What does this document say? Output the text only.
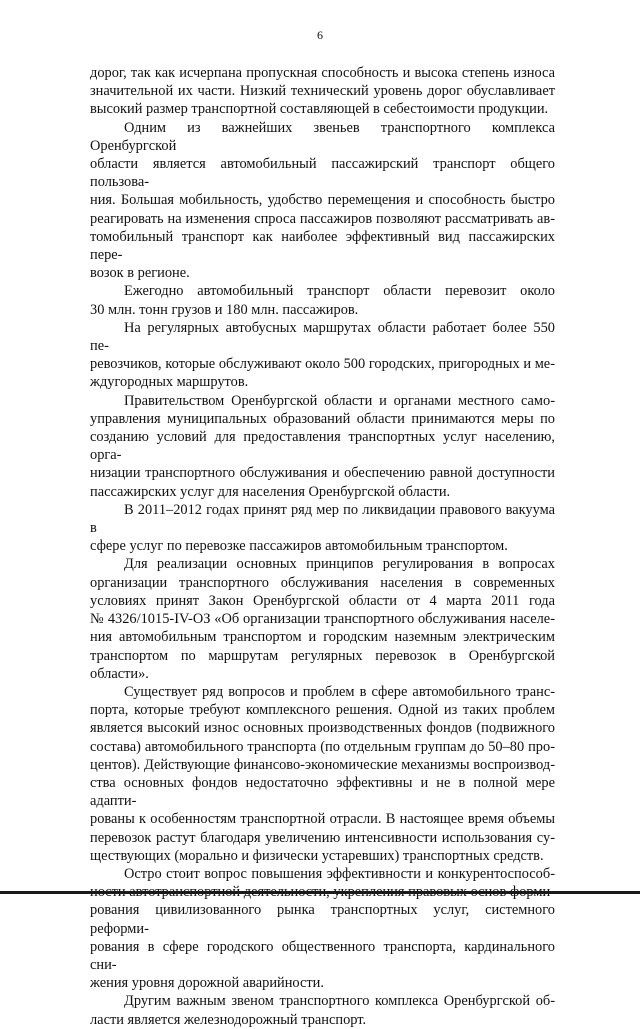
6

дорог, так как исчерпана пропускная способность и высока степень износа
значительной их части. Низкий технический уровень дорог обуславливает
высокий размер транспортной составляющей в себестоимости продукции.

Одним из важнейших звеньев транспортного комплекса Оренбургской
области является автомобильный пассажирский транспорт общего пользова-
ния. Большая мобильность, удобство перемещения и способность быстро
реагировать на изменения спроса пассажиров позволяют рассматривать ав-
томобильный транспорт как наиболее эффективный вид пассажирских пере-
возок в регионе.

Ежегодно автомобильный транспорт области перевозит около
30 млн. тонн грузов и 180 млн. пассажиров.

На регулярных автобусных маршрутах области работает более 550 пе-
ревозчиков, которые обслуживают около 500 городских, пригородных и ме-
ждугородных маршрутов.

Правительством Оренбургской области и органами местного само-
управления муниципальных образований области принимаются меры по
созданию условий для предоставления транспортных услуг населению, орга-
низации транспортного обслуживания и обеспечению равной доступности
пассажирских услуг для населения Оренбургской области.

В 2011–2012 годах принят ряд мер по ликвидации правового вакуума в
сфере услуг по перевозке пассажиров автомобильным транспортом.

Для реализации основных принципов регулирования в вопросах
организации транспортного обслуживания населения в современных
условиях принят Закон Оренбургской области от 4 марта 2011 года
№ 4326/1015-IV-ОЗ «Об организации транспортного обслуживания населе-
ния автомобильным транспортом и городским наземным электрическим
транспортом по маршрутам регулярных перевозок в Оренбургской области».

Существует ряд вопросов и проблем в сфере автомобильного транс-
порта, которые требуют комплексного решения. Одной из таких проблем
является высокий износ основных производственных фондов (подвижного
состава) автомобильного транспорта (по отдельным группам до 50–80 про-
центов). Действующие финансово-экономические механизмы воспроизвод-
ства основных фондов недостаточно эффективны и не в полной мере адапти-
рованы к особенностям транспортной отрасли. В настоящее время объемы
перевозок растут благодаря увеличению интенсивности использования су-
ществующих (морально и физически устаревших) транспортных средств.

Остро стоит вопрос повышения эффективности и конкурентоспособ-
рования цивилизованного рынка транспортных услуг, системного реформи-
рования в сфере городского общественного транспорта, кардинального сни-
жения уровня дорожной аварийности.

Другим важным звеном транспортного комплекса Оренбургской об-
ласти является железнодорожный транспорт.
